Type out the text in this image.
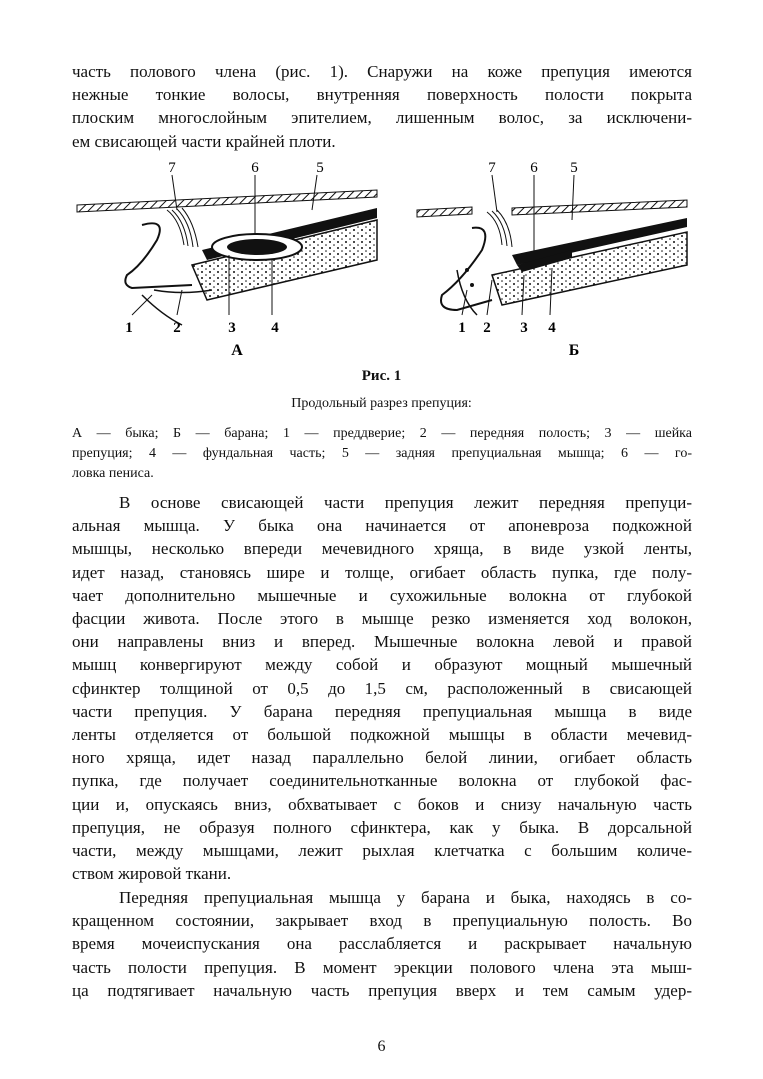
часть полового члена (рис. 1). Снаружи на коже препуция имеются
нежные тонкие волосы, внутренняя поверхность полости покрыта
плоским многослойным эпителием, лишенным волос, за исключени-
ем свисающей части крайней плоти.
7	6	5
1	2	3 4
А
7 6 5
1 2 3 4
Б
Рис. 1
Продольный разрез препуция:
А — быка; Б — барана; 1 — преддверие; 2 — передняя полость; 3 — шейка
препуция; 4 — фундальная часть; 5 — задняя препуциальная мышца; 6 — го-
ловка пениса.
В основе свисающей части препуция лежит передняя препуци-
альная мышца. У быка она начинается от апоневроза подкожной
мышцы, несколько впереди мечевидного хряща, в виде узкой ленты,
идет назад, становясь шире и толще, огибает область пупка, где полу-
чает дополнительно мышечные и сухожильные волокна от глубокой
фасции живота. После этого в мышце резко изменяется ход волокон,
они направлены вниз и вперед. Мышечные волокна левой и правой
мышц конвергируют между собой и образуют мощный мышечный
сфинктер толщиной от 0,5 до 1,5 см, расположенный в свисающей
части препуция. У барана передняя препуциальная мышца в виде
ленты отделяется от большой подкожной мышцы в области мечевид-
ного хряща, идет назад параллельно белой линии, огибает область
пупка, где получает соединительнотканные волокна от глубокой фас-
ции и, опускаясь вниз, обхватывает с боков и снизу начальную часть
препуция, не образуя полного сфинктера, как у быка. В дорсальной
части, между мышцами, лежит рыхлая клетчатка с большим количе-
ством жировой ткани.
Передняя препуциальная мышца у барана и быка, находясь в со-
кращенном состоянии, закрывает вход в препуциальную полость. Во
время мочеиспускания она расслабляется и раскрывает начальную
часть полости препуция. В момент эрекции полового члена эта мыш-
ца подтягивает начальную часть препуция вверх и тем самым удер-
6
